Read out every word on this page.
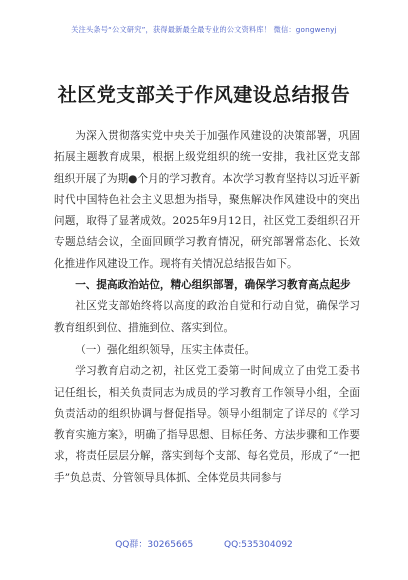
关注头条号“公文研究”，获得最新最全最专业的公文资料库！ 微信：gongwenyj
社区党支部关于作风建设总结报告

为深入贯彻落实党中央关于加强作风建设的决策部署，巩固拓展主题教育成果，根据上级党组织的统一安排，我社区党支部组织开展了为期●个月的学习教育。本次学习教育坚持以习近平新时代中国特色社会主义思想为指导，聚焦解决作风建设中的突出问题，取得了显著成效。2025年9月12日，社区党工委组织召开专题总结会议，全面回顾学习教育情况，研究部署常态化、长效化推进作风建设工作。现将有关情况总结报告如下。

一、提高政治站位，精心组织部署，确保学习教育高点起步

社区党支部始终将以高度的政治自觉和行动自觉，确保学习教育组织到位、措施到位、落实到位。

（一）强化组织领导，压实主体责任。

学习教育启动之初，社区党工委第一时间成立了由党工委书记任组长，相关负责同志为成员的学习教育工作领导小组，全面负责活动的组织协调与督促指导。领导小组制定了详尽的《学习教育实施方案》，明确了指导思想、目标任务、方法步骤和工作要求，将责任层层分解，落实到每个支部、每名党员，形成了“一把手”负总责、分管领导具体抓、全体党员共同参与

QQ群：30265665	QQ:535304092
